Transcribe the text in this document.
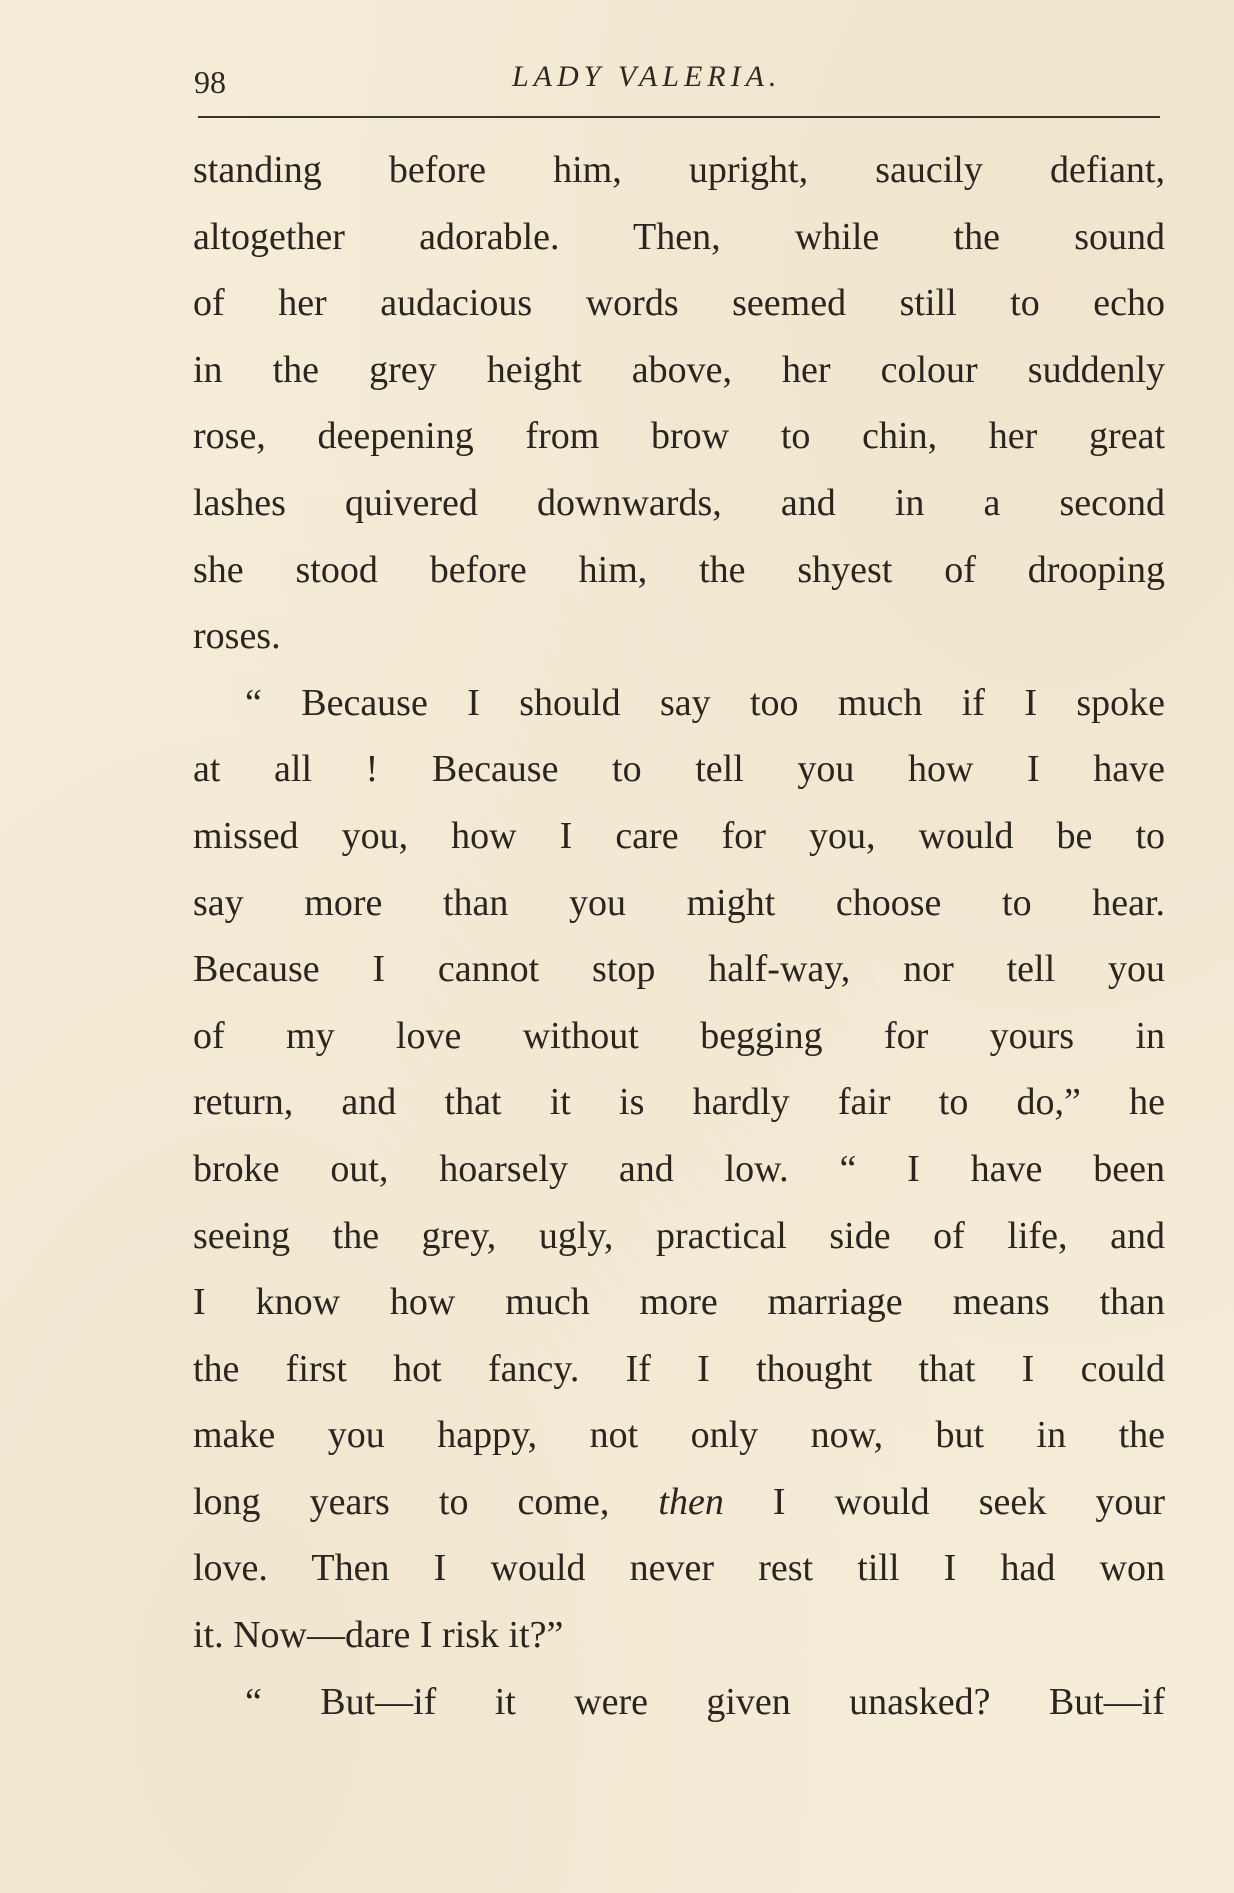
98	LADY VALERIA.
standing before him, upright, saucily defiant,
altogether adorable. Then, while the sound
of her audacious words seemed still to echo
in the grey height above, her colour suddenly
rose, deepening from brow to chin, her great
lashes quivered downwards, and in a second
she stood before him, the shyest of drooping
roses.
“ Because I should say too much if I spoke
at all ! Because to tell you how I have
missed you, how I care for you, would be to
say more than you might choose to hear.
Because I cannot stop half-way, nor tell you
of my love without begging for yours in
return, and that it is hardly fair to do,” he
broke out, hoarsely and low. “ I have been
seeing the grey, ugly, practical side of life, and
I know how much more marriage means than
the first hot fancy. If I thought that I could
make you happy, not only now, but in the
long years to come, then I would seek your
love. Then I would never rest till I had won
it. Now—dare I risk it?”
“ But—if it were given unasked? But—if
